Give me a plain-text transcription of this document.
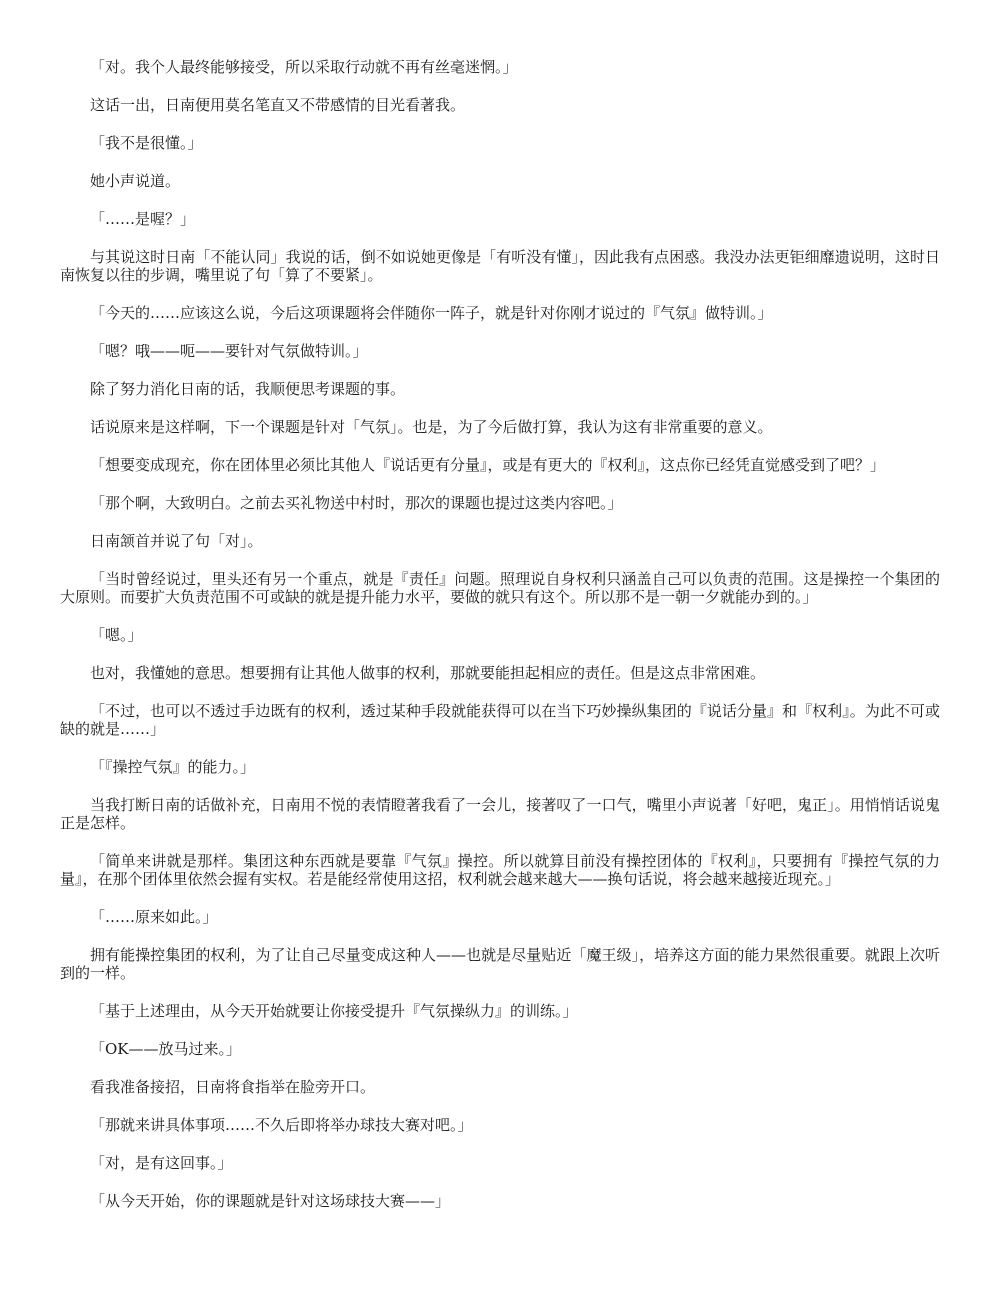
「对。我个人最终能够接受，所以采取行动就不再有丝毫迷惘。」

这话一出，日南便用莫名笔直又不带感情的目光看著我。

「我不是很懂。」

她小声说道。

「……是喔？」

与其说这时日南「不能认同」我说的话，倒不如说她更像是「有听没有懂」，因此我有点困惑。我没办法更钜细靡遗说明，这时日南恢复以往的步调，嘴里说了句「算了不要紧」。

「今天的……应该这么说，今后这项课题将会伴随你一阵子，就是针对你刚才说过的『气氛』做特训。」

「嗯？哦——呃——要针对气氛做特训。」

除了努力消化日南的话，我顺便思考课题的事。

话说原来是这样啊，下一个课题是针对「气氛」。也是，为了今后做打算，我认为这有非常重要的意义。

「想要变成现充，你在团体里必须比其他人『说话更有分量』，或是有更大的『权利』，这点你已经凭直觉感受到了吧？」

「那个啊，大致明白。之前去买礼物送中村时，那次的课题也提过这类内容吧。」

日南颔首并说了句「对」。

「当时曾经说过，里头还有另一个重点，就是『责任』问题。照理说自身权利只涵盖自己可以负责的范围。这是操控一个集团的大原则。而要扩大负责范围不可或缺的就是提升能力水平，要做的就只有这个。所以那不是一朝一夕就能办到的。」

「嗯。」

也对，我懂她的意思。想要拥有让其他人做事的权利，那就要能担起相应的责任。但是这点非常困难。

「不过，也可以不透过手边既有的权利，透过某种手段就能获得可以在当下巧妙操纵集团的『说话分量』和『权利』。为此不可或缺的就是……」

「『操控气氛』的能力。」

当我打断日南的话做补充，日南用不悦的表情瞪著我看了一会儿，接著叹了一口气，嘴里小声说著「好吧，鬼正」。用悄悄话说鬼正是怎样。

「简单来讲就是那样。集团这种东西就是要靠『气氛』操控。所以就算目前没有操控团体的『权利』，只要拥有『操控气氛的力量』，在那个团体里依然会握有实权。若是能经常使用这招，权利就会越来越大——换句话说，将会越来越接近现充。」

「……原来如此。」

拥有能操控集团的权利，为了让自己尽量变成这种人——也就是尽量贴近「魔王级」，培养这方面的能力果然很重要。就跟上次听到的一样。

「基于上述理由，从今天开始就要让你接受提升『气氛操纵力』的训练。」

「OK——放马过来。」

看我准备接招，日南将食指举在脸旁开口。

「那就来讲具体事项……不久后即将举办球技大赛对吧。」

「对，是有这回事。」

「从今天开始，你的课题就是针对这场球技大赛——」
